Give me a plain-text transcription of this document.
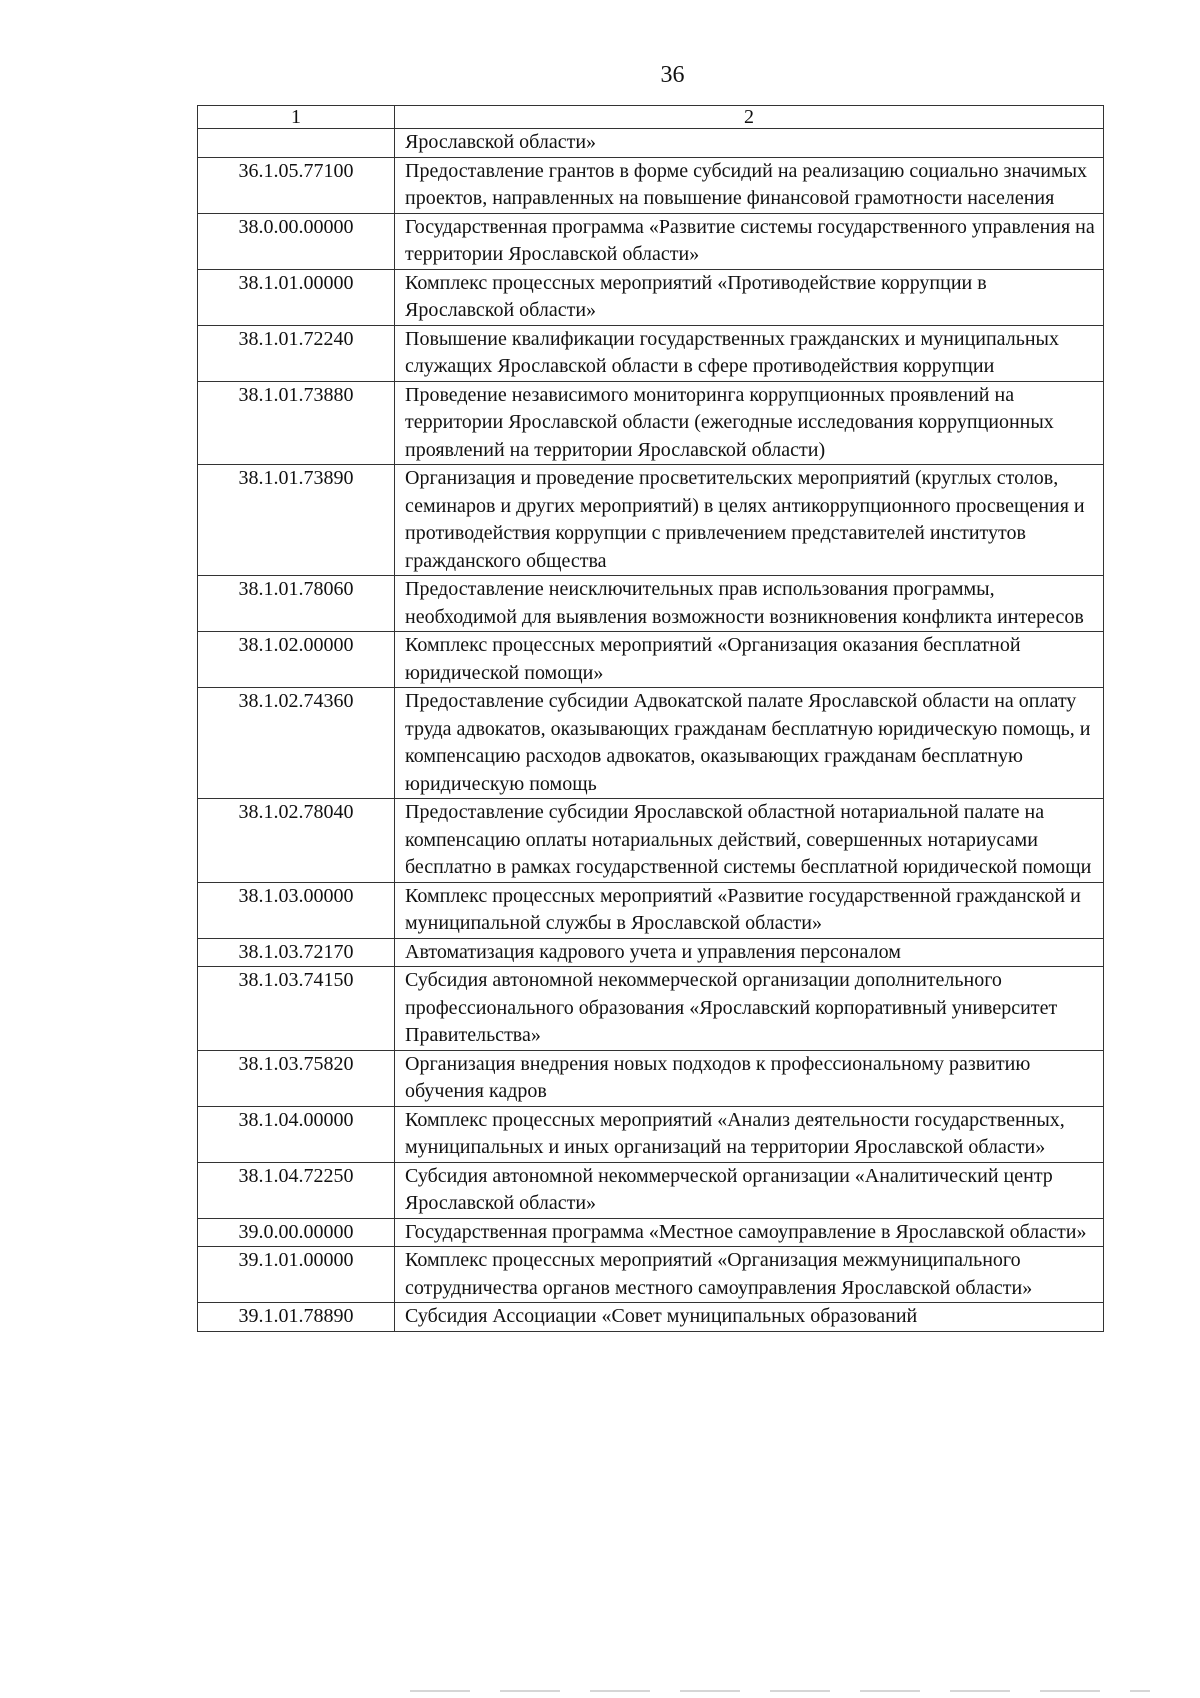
36
1	2
	Ярославской области»
36.1.05.77100	Предоставление грантов в форме субсидий на реализацию социально значимых проектов, направленных на повышение финансовой грамотности населения
38.0.00.00000	Государственная программа «Развитие системы государственного управления на территории Ярославской области»
38.1.01.00000	Комплекс процессных мероприятий «Противодействие коррупции в Ярославской области»
38.1.01.72240	Повышение квалификации государственных гражданских и муниципальных служащих Ярославской области в сфере противодействия коррупции
38.1.01.73880	Проведение независимого мониторинга коррупционных проявлений на территории Ярославской области (ежегодные исследования коррупционных проявлений на территории Ярославской области)
38.1.01.73890	Организация и проведение просветительских мероприятий (круглых столов, семинаров и других мероприятий) в целях антикоррупционного просвещения и противодействия коррупции с привлечением представителей институтов гражданского общества
38.1.01.78060	Предоставление неисключительных прав использования программы, необходимой для выявления возможности возникновения конфликта интересов
38.1.02.00000	Комплекс процессных мероприятий «Организация оказания бесплатной юридической помощи»
38.1.02.74360	Предоставление субсидии Адвокатской палате Ярославской области на оплату труда адвокатов, оказывающих гражданам бесплатную юридическую помощь, и компенсацию расходов адвокатов, оказывающих гражданам бесплатную юридическую помощь
38.1.02.78040	Предоставление субсидии Ярославской областной нотариальной палате на компенсацию оплаты нотариальных действий, совершенных нотариусами бесплатно в рамках государственной системы бесплатной юридической помощи
38.1.03.00000	Комплекс процессных мероприятий «Развитие государственной гражданской и муниципальной службы в Ярославской области»
38.1.03.72170	Автоматизация кадрового учета и управления персоналом
38.1.03.74150	Субсидия автономной некоммерческой организации дополнительного профессионального образования «Ярославский корпоративный университет Правительства»
38.1.03.75820	Организация внедрения новых подходов к профессиональному развитию обучения кадров
38.1.04.00000	Комплекс процессных мероприятий «Анализ деятельности государственных, муниципальных и иных организаций на территории Ярославской области»
38.1.04.72250	Субсидия автономной некоммерческой организации «Аналитический центр Ярославской области»
39.0.00.00000	Государственная программа «Местное самоуправление в Ярославской области»
39.1.01.00000	Комплекс процессных мероприятий «Организация межмуниципального сотрудничества органов местного самоуправления Ярославской области»
39.1.01.78890	Субсидия Ассоциации «Совет муниципальных образований
